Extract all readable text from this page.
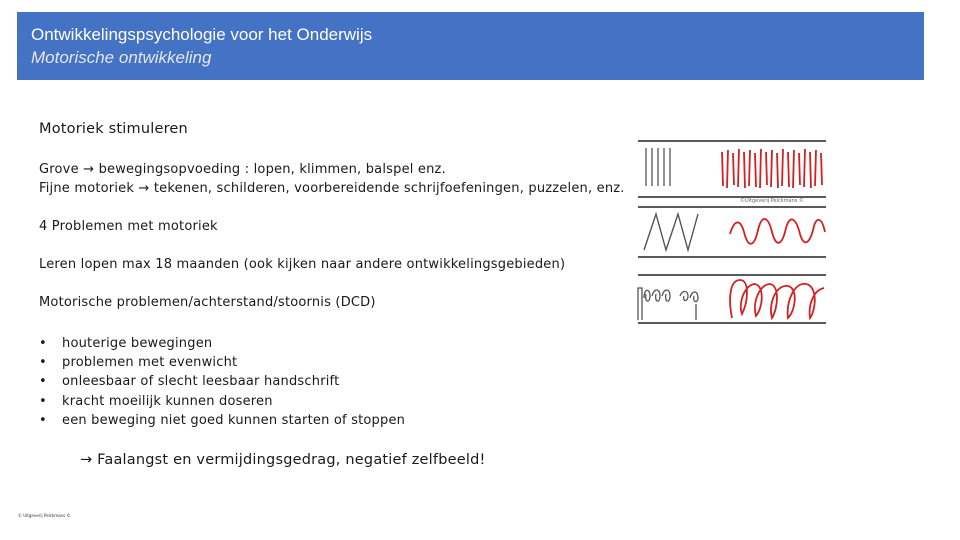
Ontwikkelingspsychologie voor het Onderwijs
Motorische ontwikkeling
Motoriek stimuleren
Grove → bewegingsopvoeding : lopen, klimmen, balspel enz.
Fijne motoriek → tekenen, schilderen, voorbereidende schrijfoefeningen, puzzelen, enz.
4 Problemen met motoriek
Leren lopen max 18 maanden (ook kijken naar andere ontwikkelingsgebieden)
Motorische problemen/achterstand/stoornis (DCD)
• houterige bewegingen
• problemen met evenwicht
• onleesbaar of slecht leesbaar handschrift
• kracht moeilijk kunnen doseren
• een beweging niet goed kunnen starten of stoppen
→ Faalangst en vermijdingsgedrag, negatief zelfbeeld!
©Uitgeverij Pelckmans ©
© Uitgeverij Pelckmans ©
